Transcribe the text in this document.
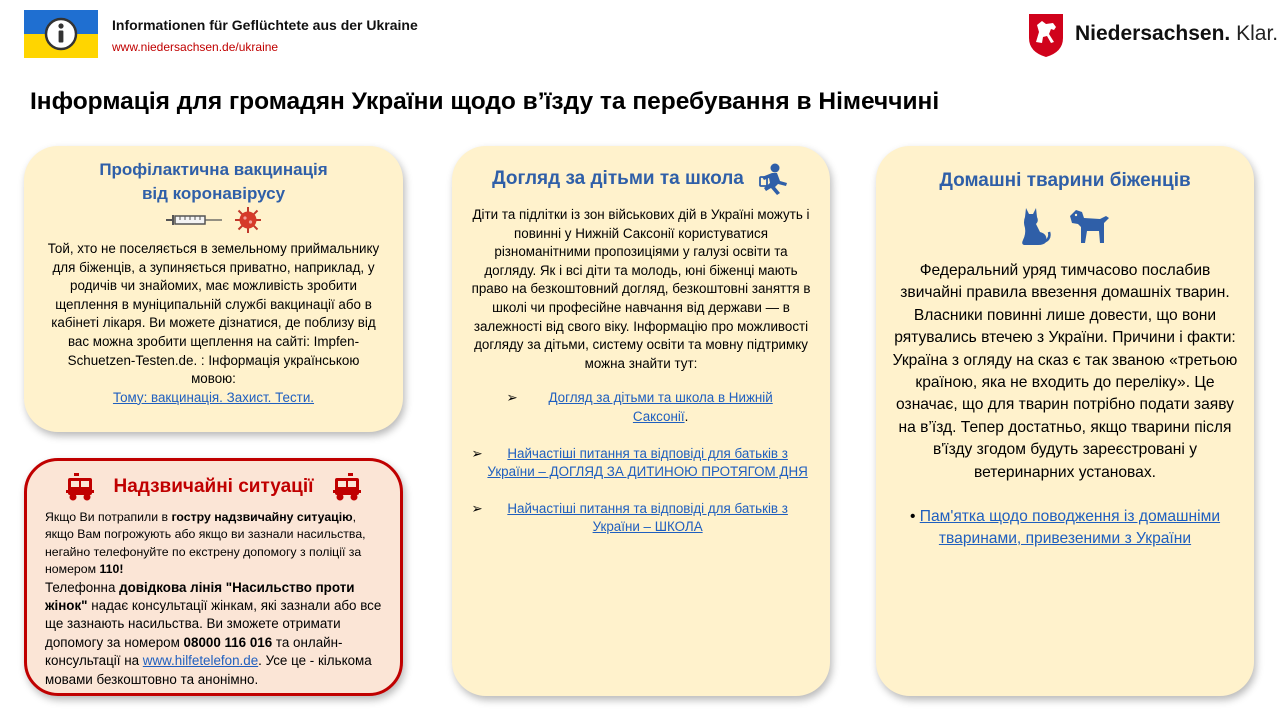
Informationen für Geflüchtete aus der Ukraine
www.niedersachsen.de/ukraine
Niedersachsen. Klar.
Інформація для громадян України щодо в’їзду та перебування в Німеччині
Профілактична вакцинація
від коронавірусу

Той, хто не поселяється в земельному приймальнику для біженців, а зупиняється приватно, наприклад, у родичів чи знайомих, має можливість зробити щеплення в муніципальній службі вакцинації або в кабінеті лікаря. Ви можете дізнатися, де поблизу від вас можна зробити щеплення на сайті: Impfen-Schuetzen-Testen.de. : Інформація українською мовою:
Тому: вакцинація. Захист. Тести.
Надзвичайні ситуації
Якщо Ви потрапили в гостру надзвичайну ситуацію, якщо Вам погрожують або якщо ви зазнали насильства, негайно телефонуйте по екстрену допомогу з поліції за номером 110!
Телефонна довідкова лінія "Насильство проти жінок" надає консультації жінкам, які зазнали або все ще зазнають насильства. Ви зможете отримати допомогу за номером 08000 116 016 та онлайн-консультації на www.hilfetelefon.de. Усе це - кількома мовами безкоштовно та анонімно.
Догляд за дітьми та школа
Діти та підлітки із зон військових дій в Україні можуть і повинні у Нижній Саксонії користуватися різноманітними пропозиціями у галузі освіти та догляду. Як і всі діти та молодь, юні біженці мають право на безкоштовний догляд, безкоштовні заняття в школі чи професійне навчання від держави — в залежності від свого віку. Інформацію про можливості догляду за дітьми, систему освіти та мовну підтримку можна знайти тут:
➢	Догляд за дітьми та школа в Нижній Саксонії.
➢	Найчастіші питання та відповіді для батьків з України – ДОГЛЯД ЗА ДИТИНОЮ ПРОТЯГОМ ДНЯ
➢	Найчастіші питання та відповіді для батьків з України – ШКОЛА
Домашні тварини біженців
Федеральний уряд тимчасово послабив звичайні правила ввезення домашніх тварин. Власники повинні лише довести, що вони рятувались втечею з України. Причини і факти: Україна з огляду на сказ є так званою «третьою країною, яка не входить до переліку». Це означає, що для тварин потрібно подати заяву на в’їзд. Тепер достатньо, якщо тварини після в'їзду згодом будуть зареєстровані у ветеринарних установах.
• Пам'ятка щодо поводження із домашніми тваринами, привезеними з України
